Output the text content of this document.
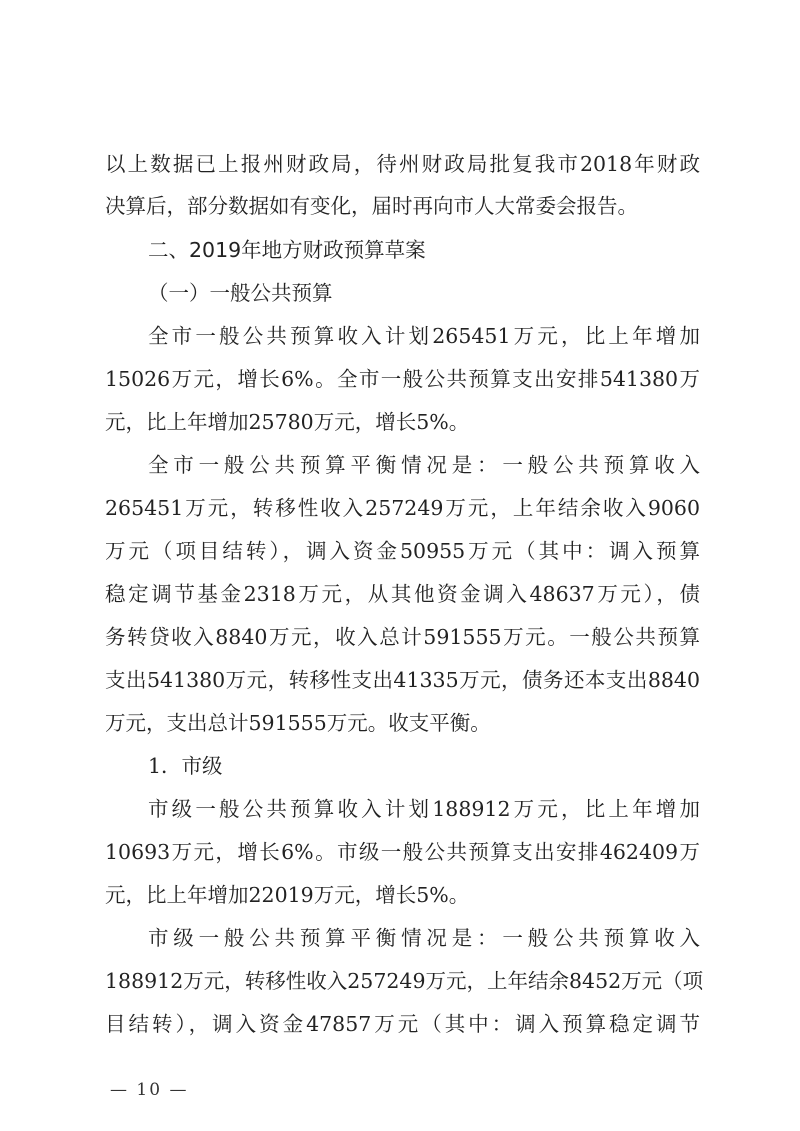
以上数据已上报州财政局，待州财政局批复我市2018年财政
决算后，部分数据如有变化，届时再向市人大常委会报告。
二、2019年地方财政预算草案
（一）一般公共预算
全市一般公共预算收入计划265451万元，比上年增加
15026万元，增长6%。全市一般公共预算支出安排541380万
元，比上年增加25780万元，增长5%。
全市一般公共预算平衡情况是：一般公共预算收入
265451万元，转移性收入257249万元，上年结余收入9060
万元（项目结转），调入资金50955万元（其中：调入预算
稳定调节基金2318万元，从其他资金调入48637万元），债
务转贷收入8840万元，收入总计591555万元。一般公共预算
支出541380万元，转移性支出41335万元，债务还本支出8840
万元，支出总计591555万元。收支平衡。
1．市级
市级一般公共预算收入计划188912万元，比上年增加
10693万元，增长6%。市级一般公共预算支出安排462409万
元，比上年增加22019万元，增长5%。
市级一般公共预算平衡情况是：一般公共预算收入
188912万元，转移性收入257249万元，上年结余8452万元（项
目结转），调入资金47857万元（其中：调入预算稳定调节
— 10 —
